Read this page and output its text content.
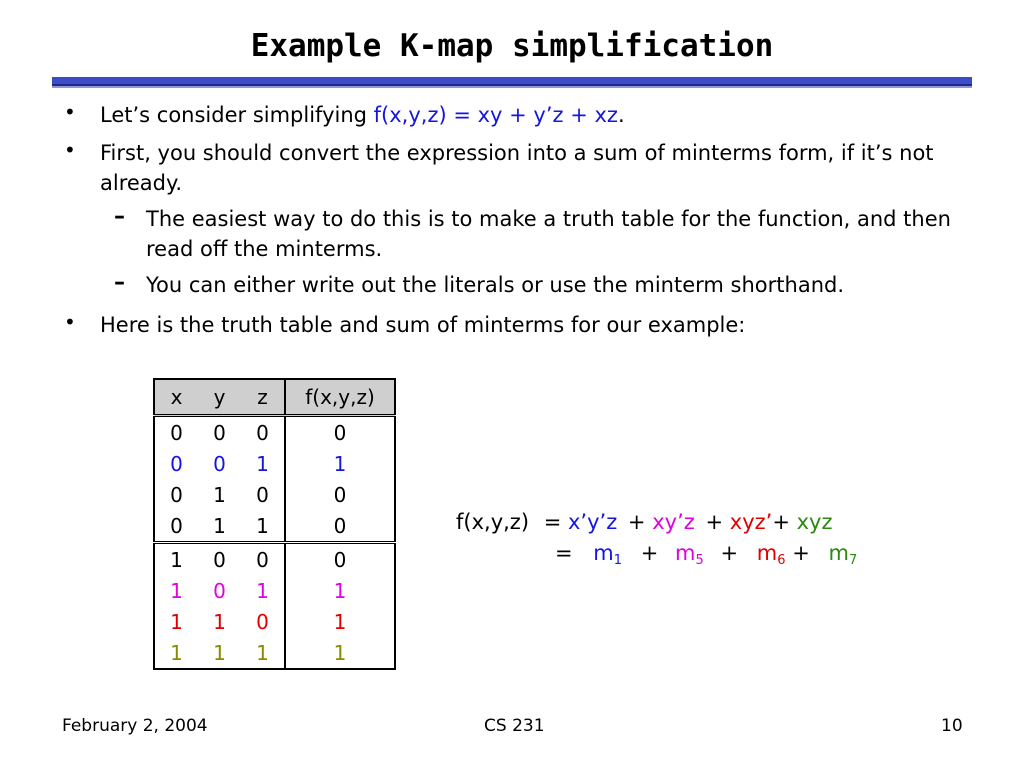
Example K-map simplification
• Let’s consider simplifying f(x,y,z) = xy + y’z + xz.
• First, you should convert the expression into a sum of minterms form, if it’s not already.
– The easiest way to do this is to make a truth table for the function, and then read off the minterms.
– You can either write out the literals or use the minterm shorthand.
• Here is the truth table and sum of minterms for our example:
x	y	z	f(x,y,z)
0	0	0	0
0	0	1	1
0	1	0	0
0	1	1	0
1	0	0	0
1	0	1	1
1	1	0	1
1	1	1	1
f(x,y,z) = x’y’z + xy’z + xyz’+ xyz
= $m_1 + m_5 + m_6 + m_7$
February 2, 2004	CS 231	10
